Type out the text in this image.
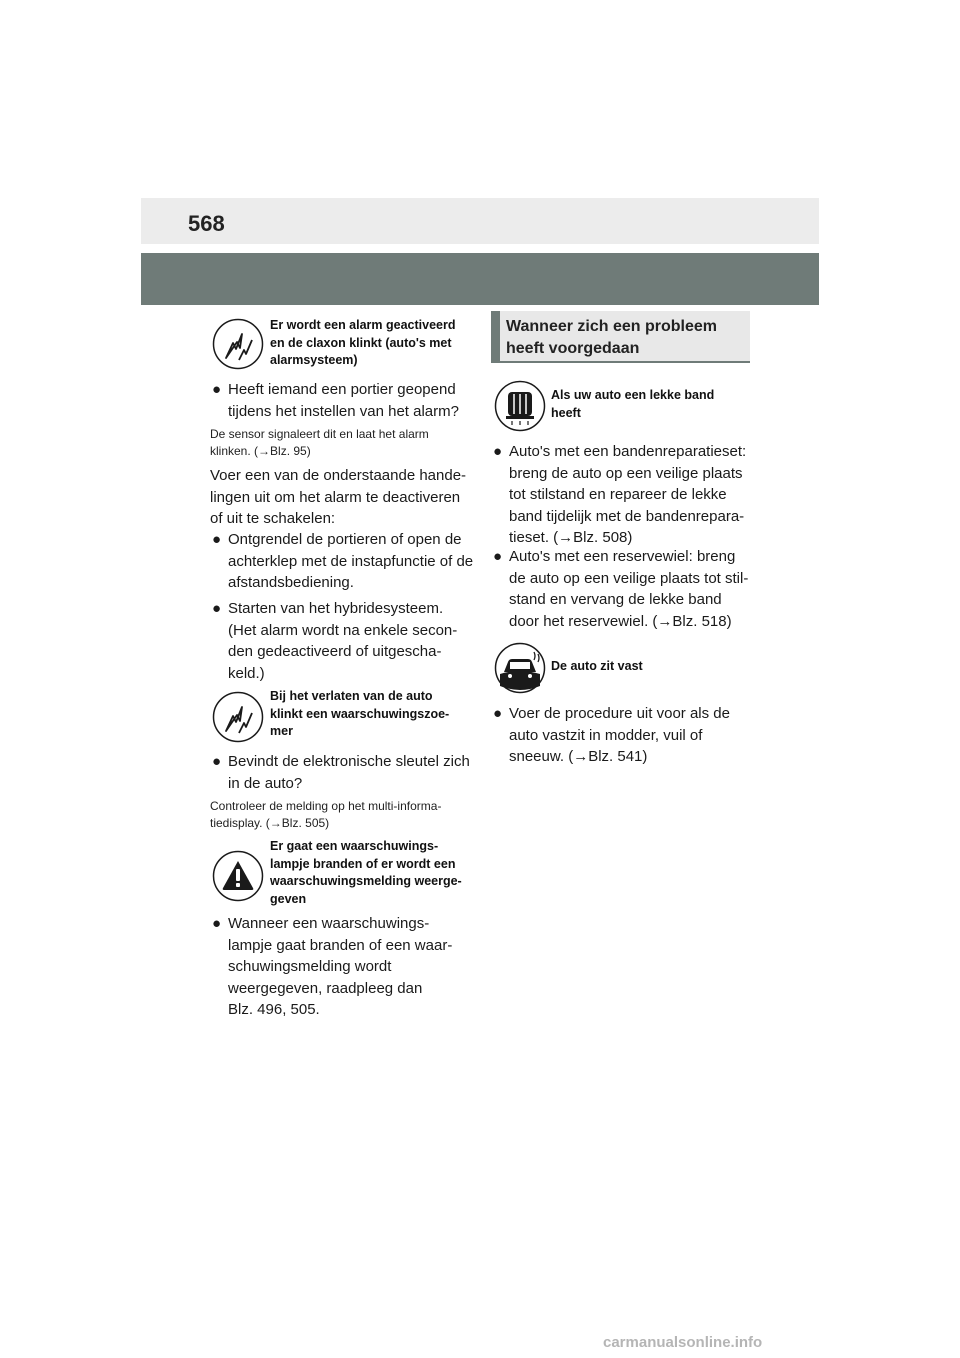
568
Er wordt een alarm geactiveerd
en de claxon klinkt (auto's met
alarmsysteem)
● Heeft iemand een portier geopend
tijdens het instellen van het alarm?
De sensor signaleert dit en laat het alarm
klinken. (→Blz. 95)
Voer een van de onderstaande hande-
lingen uit om het alarm te deactiveren
of uit te schakelen:
● Ontgrendel de portieren of open de
achterklep met de instapfunctie of de
afstandsbediening.
● Starten van het hybridesysteem.
(Het alarm wordt na enkele secon-
den gedeactiveerd of uitgescha-
keld.)
Bij het verlaten van de auto
klinkt een waarschuwingszoe-
mer
● Bevindt de elektronische sleutel zich
in de auto?
Controleer de melding op het multi-informa-
tiedisplay. (→Blz. 505)
Er gaat een waarschuwings-
lampje branden of er wordt een
waarschuwingsmelding weerge-
geven
● Wanneer een waarschuwings-
lampje gaat branden of een waar-
schuwingsmelding wordt
weergegeven, raadpleeg dan
Blz. 496, 505.
Wanneer zich een probleem
heeft voorgedaan
Als uw auto een lekke band
heeft
● Auto's met een bandenreparatieset:
breng de auto op een veilige plaats
tot stilstand en repareer de lekke
band tijdelijk met de bandenrepara-
tieset. (→Blz. 508)
● Auto's met een reservewiel: breng
de auto op een veilige plaats tot stil-
stand en vervang de lekke band
door het reservewiel. (→Blz. 518)
De auto zit vast
● Voer de procedure uit voor als de
auto vastzit in modder, vuil of
sneeuw. (→Blz. 541)
carmanualsonline.info
